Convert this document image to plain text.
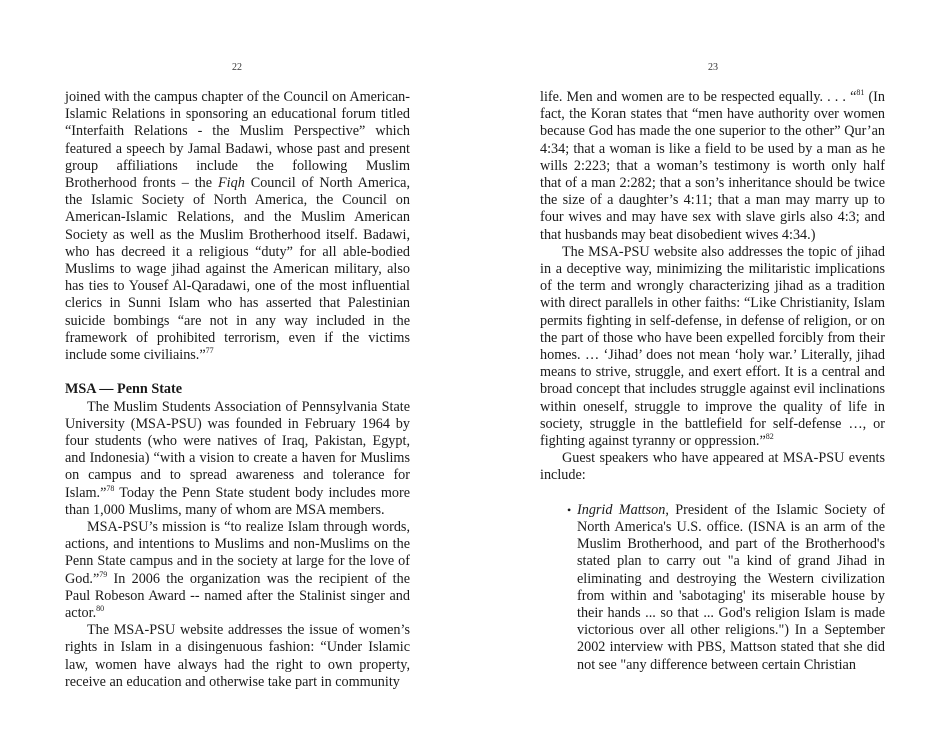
22

joined with the campus chapter of the Council on American-Islamic Relations in sponsoring an educational forum titled “Interfaith Relations - the Muslim Perspective” which featured a speech by Jamal Badawi, whose past and present group affiliations include the following Muslim Brotherhood fronts – the Fiqh Council of North America, the Islamic Society of North America, the Council on American-Islamic Relations, and the Muslim American Society as well as the Muslim Brotherhood itself. Badawi, who has decreed it a religious “duty” for all able-bodied Muslims to wage jihad against the American military, also has ties to Yousef Al-Qaradawi, one of the most influential clerics in Sunni Islam who has asserted that Palestinian suicide bombings “are not in any way included in the framework of prohibited terrorism, even if the victims include some civiliains.”$^{77}$

MSA — Penn State

The Muslim Students Association of Pennsylvania State University (MSA-PSU) was founded in February 1964 by four students (who were natives of Iraq, Pakistan, Egypt, and Indonesia) “with a vision to create a haven for Muslims on campus and to spread awareness and tolerance for Islam.”$^{78}$ Today the Penn State student body includes more than 1,000 Muslims, many of whom are MSA members.

MSA-PSU’s mission is “to realize Islam through words, actions, and intentions to Muslims and non-Muslims on the Penn State campus and in the society at large for the love of God.”$^{79}$ In 2006 the organization was the recipient of the Paul Robeson Award -- named after the Stalinist singer and actor.$^{80}$

The MSA-PSU website addresses the issue of women’s rights in Islam in a disingenuous fashion: “Under Islamic law, women have always had the right to own property, receive an education and otherwise take part in community

23

life. Men and women are to be respected equally. . . . “$^{81}$ (In fact, the Koran states that “men have authority over women because God has made the one superior to the other” Qur’an 4:34; that a woman is like a field to be used by a man as he wills 2:223; that a woman’s testimony is worth only half that of a man 2:282; that a son’s inheritance should be twice the size of a daughter’s 4:11; that a man may marry up to four wives and may have sex with slave girls also 4:3; and that husbands may beat disobedient wives 4:34.)

The MSA-PSU website also addresses the topic of jihad in a deceptive way, minimizing the militaristic implications of the term and wrongly characterizing jihad as a tradition with direct parallels in other faiths: “Like Christianity, Islam permits fighting in self-defense, in defense of religion, or on the part of those who have been expelled forcibly from their homes. … ‘Jihad’ does not mean ‘holy war.’ Literally, jihad means to strive, struggle, and exert effort. It is a central and broad concept that includes struggle against evil inclinations within oneself, struggle to improve the quality of life in society, struggle in the battlefield for self-defense …, or fighting against tyranny or oppression.”$^{82}$

Guest speakers who have appeared at MSA-PSU events include:

• Ingrid Mattson, President of the Islamic Society of North America's U.S. office. (ISNA is an arm of the Muslim Brotherhood, and part of the Brotherhood's stated plan to carry out "a kind of grand Jihad in eliminating and destroying the Western civilization from within and 'sabotaging' its miserable house by their hands ... so that ... God's religion Islam is made victorious over all other religions.") In a September 2002 interview with PBS, Mattson stated that she did not see "any difference between certain Christian
